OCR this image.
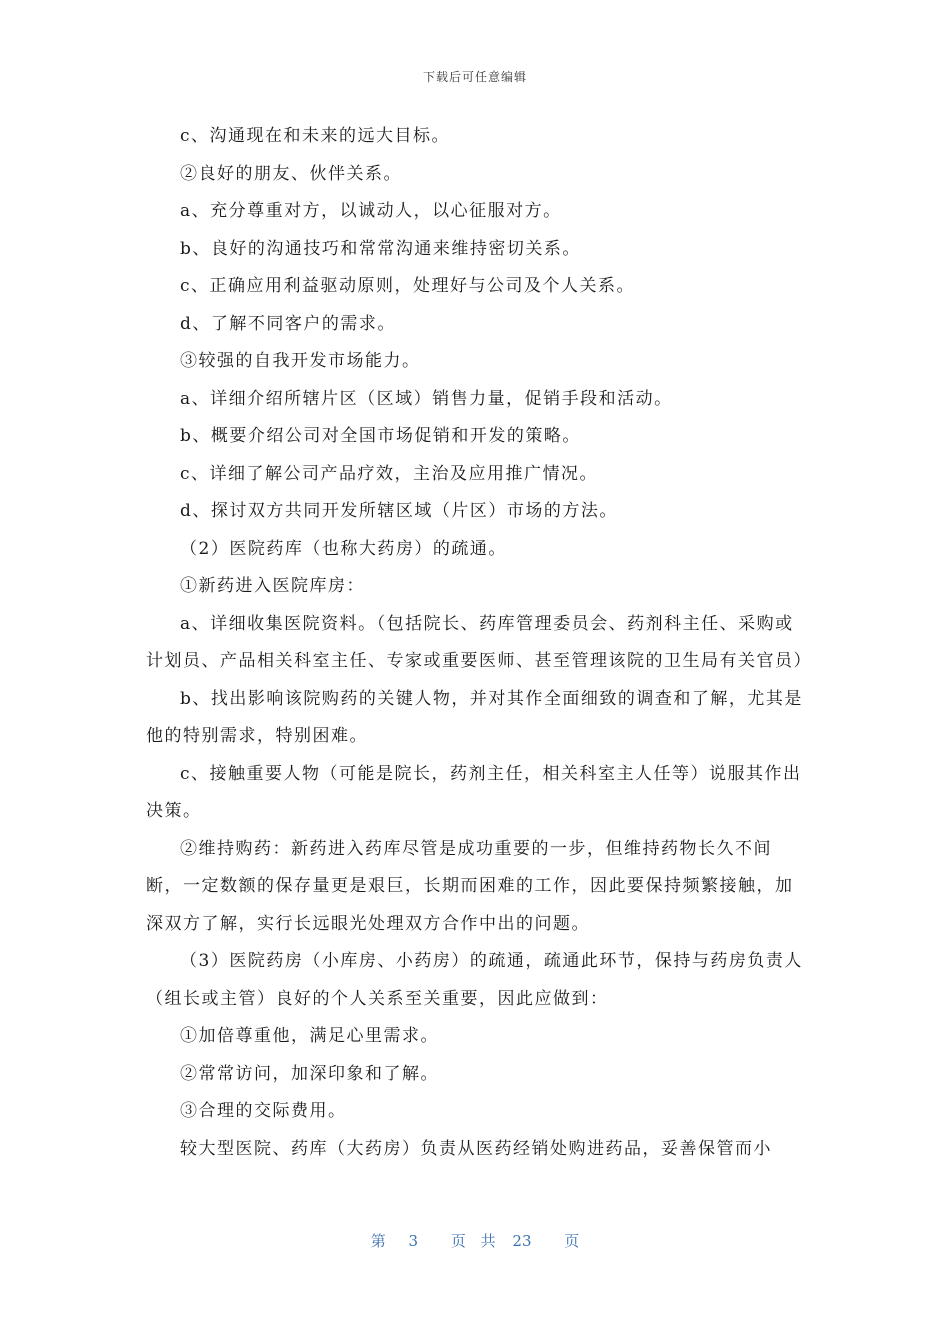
下载后可任意编辑

c、沟通现在和未来的远大目标。

②良好的朋友、伙伴关系。

a、充分尊重对方，以诚动人，以心征服对方。

b、良好的沟通技巧和常常沟通来维持密切关系。

c、正确应用利益驱动原则，处理好与公司及个人关系。

d、了解不同客户的需求。

③较强的自我开发市场能力。

a、详细介绍所辖片区（区域）销售力量，促销手段和活动。

b、概要介绍公司对全国市场促销和开发的策略。

c、详细了解公司产品疗效，主治及应用推广情况。

d、探讨双方共同开发所辖区域（片区）市场的方法。

（2）医院药库（也称大药房）的疏通。

①新药进入医院库房：

a、详细收集医院资料。（包括院长、药库管理委员会、药剂科主任、采购或计划员、产品相关科室主任、专家或重要医师、甚至管理该院的卫生局有关官员）

b、找出影响该院购药的关键人物，并对其作全面细致的调查和了解，尤其是他的特别需求，特别困难。

c、接触重要人物（可能是院长，药剂主任，相关科室主人任等）说服其作出决策。

②维持购药：新药进入药库尽管是成功重要的一步，但维持药物长久不间断，一定数额的保存量更是艰巨，长期而困难的工作，因此要保持频繁接触，加深双方了解，实行长远眼光处理双方合作中出的问题。

（3）医院药房（小库房、小药房）的疏通，疏通此环节，保持与药房负责人（组长或主管）良好的个人关系至关重要，因此应做到：

①加倍尊重他，满足心里需求。

②常常访问，加深印象和了解。

③合理的交际费用。

较大型医院、药库（大药房）负责从医药经销处购进药品，妥善保管而小

第 3 页 共 23 页
